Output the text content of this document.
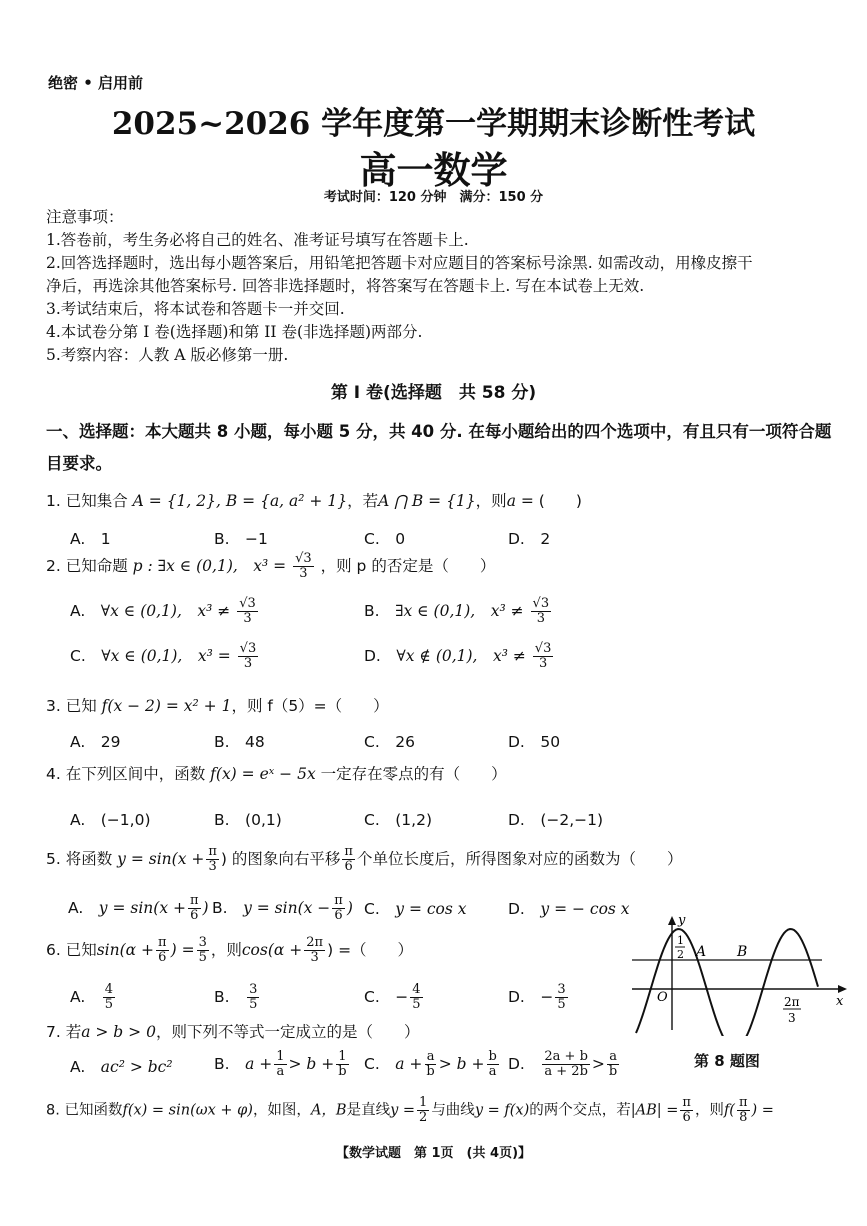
绝密 • 启用前
2025~2026 学年度第一学期期末诊断性考试
高一数学
考试时间：120 分钟　满分：150 分
注意事项：
1.答卷前，考生务必将自己的姓名、准考证号填写在答题卡上.
2.回答选择题时，选出每小题答案后，用铅笔把答题卡对应题目的答案标号涂黑. 如需改动，用橡皮擦干
净后，再选涂其他答案标号. 回答非选择题时，将答案写在答题卡上. 写在本试卷上无效.
3.考试结束后，将本试卷和答题卡一并交回.
4.本试卷分第 I 卷(选择题)和第 II 卷(非选择题)两部分.
5.考察内容：人教 A 版必修第一册.
第 I 卷(选择题　共 58 分)
一、选择题：本大题共 8 小题，每小题 5 分，共 40 分. 在每小题给出的四个选项中，有且只有一项符合题目要求。
1. 已知集合 A = {1, 2}, B = {a, a² + 1}，若A ⋂ B = {1}，则a = (　　)
A.　1	B.　−1	C.　0	D.　2
2. 已知命题 p : ∃x ∈ (0,1),　$x^3 = \frac{√3}{3}$ ，则 p 的否定是（　　）
A.　 ∀x ∈ (0,1),　$x^3 \ne \frac{√3}{3}$	B.　 ∃x ∈ (0,1),　$x^3 \ne \frac{√3}{3}$
C.　 ∀x ∈ (0,1),　$x^3 = \frac{√3}{3}$	D.　 ∀x ∉ (0,1),　$x^3 \ne \frac{√3}{3}$
3. 已知 f(x − 2) = x² + 1，则 f（5）=（　　）
A.　29	B.　48	C.　26	D.　50
4. 在下列区间中，函数 f(x) = eˣ − 5x 一定存在零点的有（　　）
A.　(−1,0)	B.　(0,1)	C.　(1,2)	D.　(−2,−1)
5. 将函数 $y = \sin(x + \frac{\pi}{3}$ ) 的图象向右平移 $\frac{\pi}{6}$ 个单位长度后，所得图象对应的函数为（　　）
A.　 $y = \sin(x + \frac{\pi}{6}$ ) B.　 $y = \sin(x - \frac{\pi}{6}$ ) C.　 y = cos x	D.　 y = − cos x
6. 已知$\sin(\alpha + \frac{\pi}{6}$ ) = $\frac{3}{5}$ ，则$\cos(\alpha + \frac{2\pi}{3}$ ) =（　　）
A.　 $\frac{4}{5}$	B.　 $\frac{3}{5}$	C.　 − $\frac{4}{5}$	D.　 − $\frac{3}{5}$
7. 若a > b > 0，则下列不等式一定成立的是（　　）
A.　 ac² > bc²	B.　 $a + \frac{1}{a} > b + \frac{1}{b} C$.　 $a + \frac{a}{b} > b + \frac{b}{a} D$.　 $\frac{2a + b}{a + 2b} > \frac{a}{b}$
8. 已知函数f(x) = sin(ωx + φ)，如图，A，B是直线$y = \frac{1}{2}$ 与曲线y = f(x)的两个交点，若$|AB| = \frac{\pi}{6}$ ，则$f( \frac{\pi}{8}$ ) =
y
x
O
1
2 A B
2π
3
第 8 题图
【数学试题　第 1页　(共 4页)】
